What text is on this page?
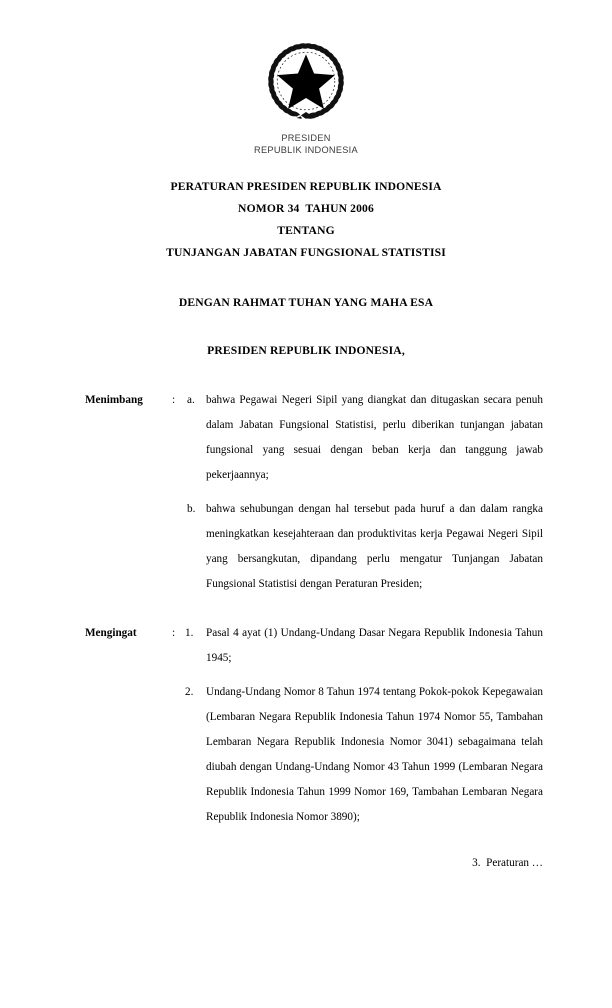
PRESIDEN
REPUBLIK INDONESIA
PERATURAN PRESIDEN REPUBLIK INDONESIA
NOMOR 34  TAHUN 2006
TENTANG
TUNJANGAN JABATAN FUNGSIONAL STATISTISI
DENGAN RAHMAT TUHAN YANG MAHA ESA
PRESIDEN REPUBLIK INDONESIA,
Menimbang	: a. bahwa Pegawai Negeri Sipil yang diangkat dan ditugaskan secara penuh dalam Jabatan Fungsional Statistisi, perlu diberikan tunjangan jabatan fungsional yang sesuai dengan beban kerja dan tanggung jawab pekerjaannya;
b. bahwa sehubungan dengan hal tersebut pada huruf a dan dalam rangka meningkatkan kesejahteraan dan produktivitas kerja Pegawai Negeri Sipil yang bersangkutan, dipandang perlu mengatur Tunjangan Jabatan Fungsional Statistisi dengan Peraturan Presiden;
Mengingat	: 1. Pasal 4 ayat (1) Undang-Undang Dasar Negara Republik Indonesia Tahun 1945;
2. Undang-Undang Nomor 8 Tahun 1974 tentang Pokok-pokok Kepegawaian (Lembaran Negara Republik Indonesia Tahun 1974 Nomor 55, Tambahan Lembaran Negara Republik Indonesia Nomor 3041) sebagaimana telah diubah dengan Undang-Undang Nomor 43 Tahun 1999 (Lembaran Negara Republik Indonesia Tahun 1999 Nomor 169, Tambahan Lembaran Negara Republik Indonesia Nomor 3890);
3.  Peraturan …
